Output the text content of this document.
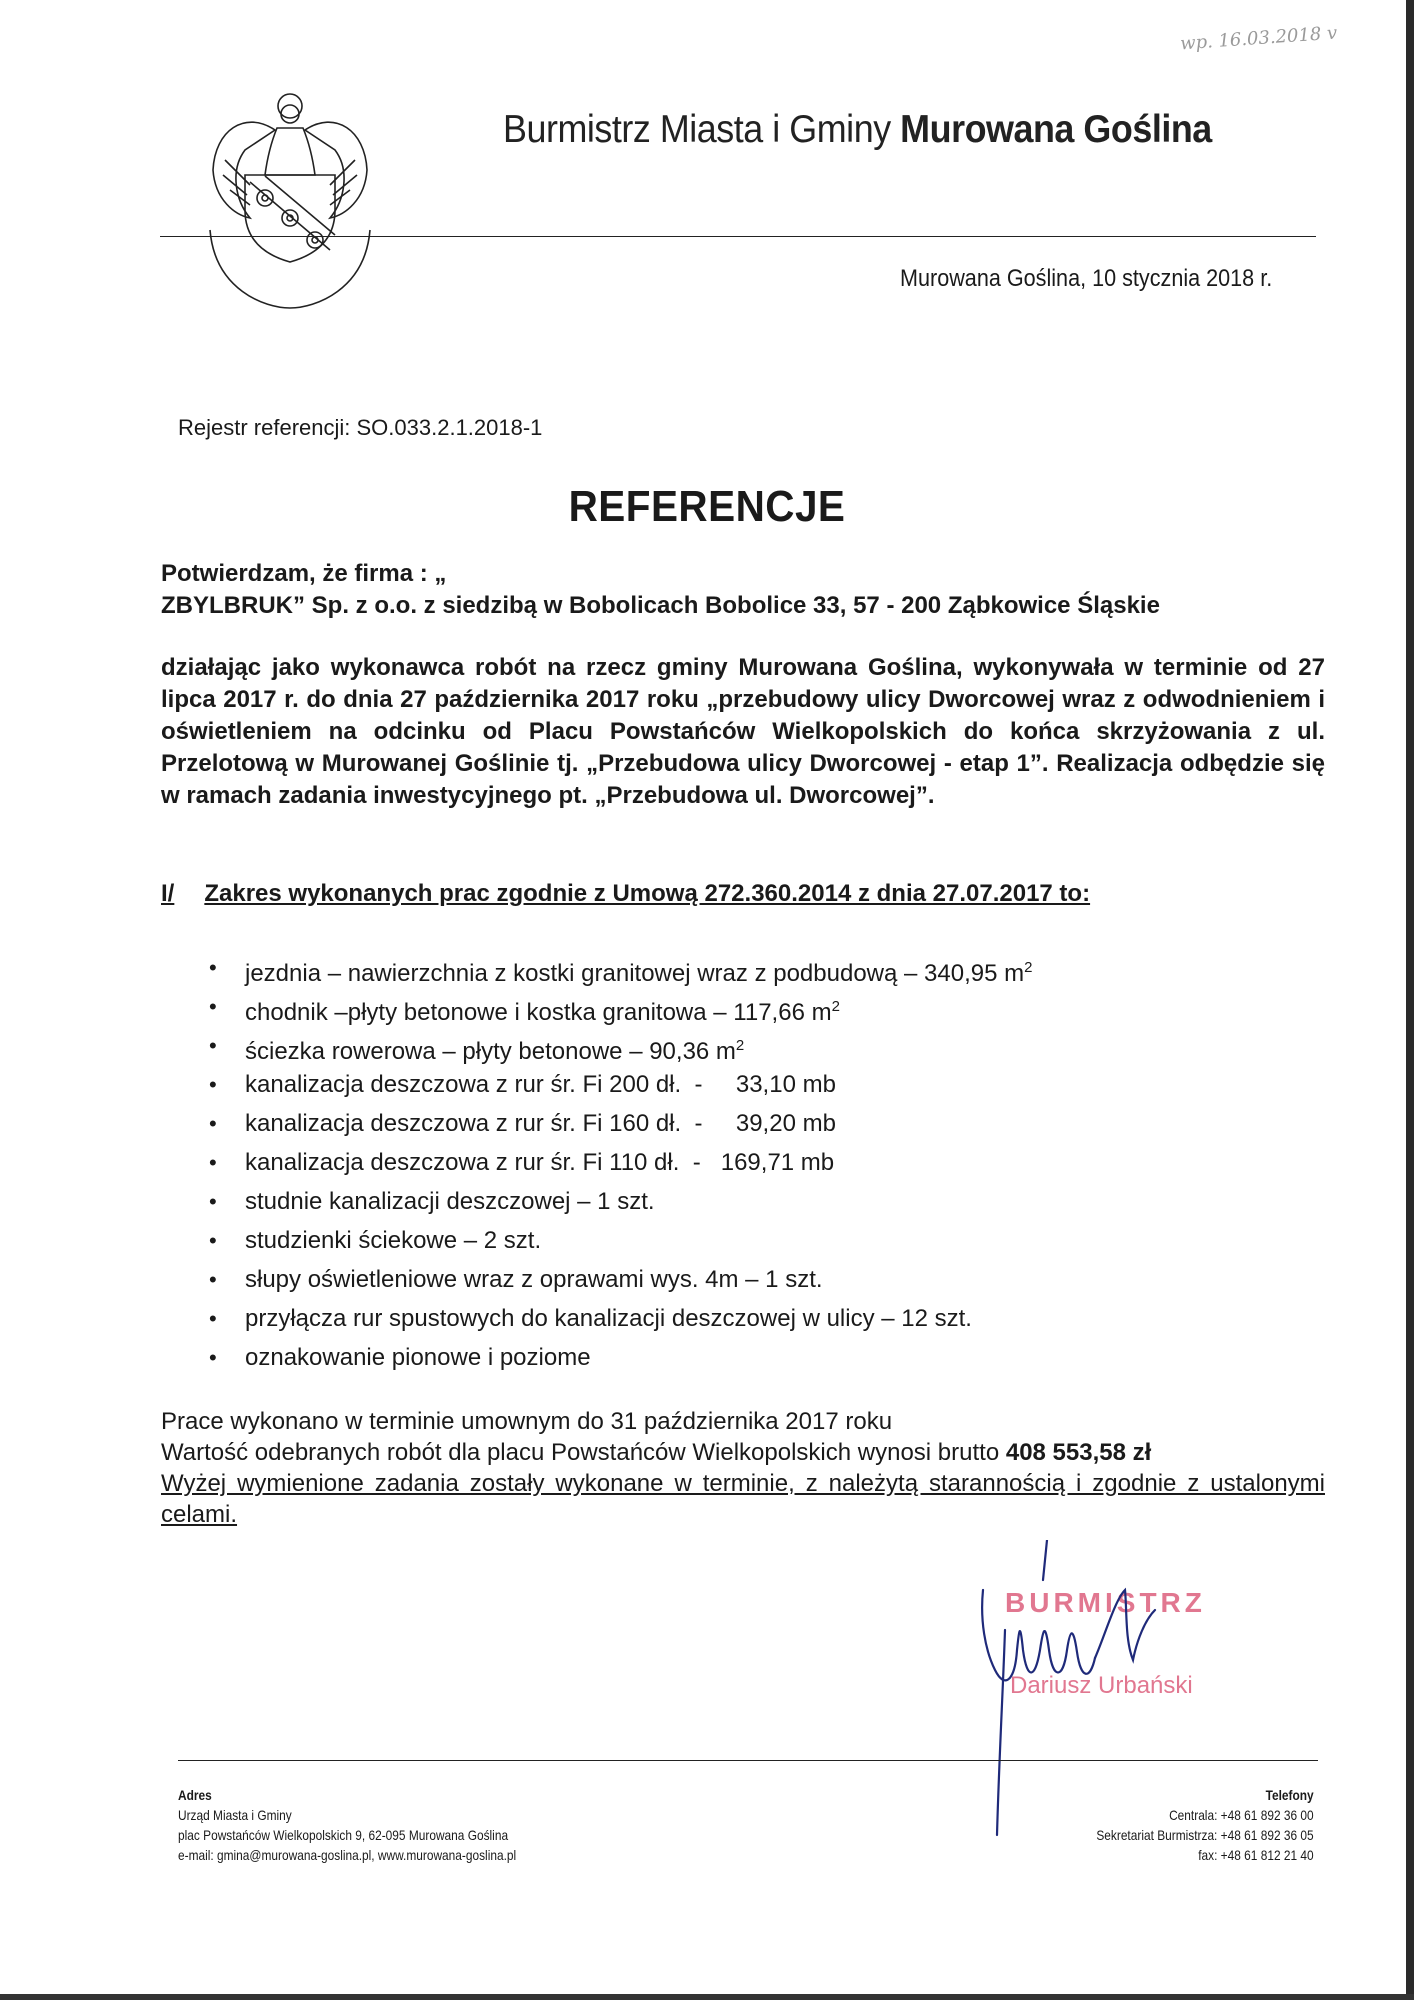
wp. 16.03.2018 v
Burmistrz Miasta i Gminy Murowana Goślina
Murowana Goślina, 10 stycznia 2018 r.
Rejestr referencji: SO.033.2.1.2018-1
REFERENCJE
Potwierdzam, że firma : „
ZBYLBRUK” Sp. z o.o. z siedzibą w Bobolicach Bobolice 33, 57 - 200 Ząbkowice Śląskie
działając jako wykonawca robót na rzecz gminy Murowana Goślina, wykonywała w terminie od 27 lipca 2017 r. do dnia 27 października 2017 roku „przebudowy ulicy Dworcowej wraz z odwodnieniem i oświetleniem na odcinku od Placu Powstańców Wielkopolskich do końca skrzyżowania z ul. Przelotową w Murowanej Goślinie tj. „Przebudowa ulicy Dworcowej - etap 1”. Realizacja odbędzie się w ramach zadania inwestycyjnego pt. „Przebudowa ul. Dworcowej”.
I/ Zakres wykonanych prac zgodnie z Umową 272.360.2014 z dnia 27.07.2017 to:
• jezdnia – nawierzchnia z kostki granitowej wraz z podbudową – 340,95 $m^2$
• chodnik –płyty betonowe i kostka granitowa – 117,66 $m^2$
• ściezka rowerowa – płyty betonowe – 90,36 $m^2$
• kanalizacja deszczowa z rur śr. Fi 200 dł.  -     33,10 mb
• kanalizacja deszczowa z rur śr. Fi 160 dł.  -     39,20 mb
• kanalizacja deszczowa z rur śr. Fi 110 dł.  -   169,71 mb
• studnie kanalizacji deszczowej – 1 szt.
• studzienki ściekowe – 2 szt.
• słupy oświetleniowe wraz z oprawami wys. 4m – 1 szt.
• przyłącza rur spustowych do kanalizacji deszczowej w ulicy – 12 szt.
• oznakowanie pionowe i poziome
Prace wykonano w terminie umownym do 31 października 2017 roku
Wartość odebranych robót dla placu Powstańców Wielkopolskich wynosi brutto 408 553,58 zł
Wyżej wymienione zadania zostały wykonane w terminie, z należytą starannością i zgodnie z ustalonymi celami.
BURMISTRZ
Dariusz Urbański
Adres
Urząd Miasta i Gminy
plac Powstańców Wielkopolskich 9, 62-095 Murowana Goślina
e-mail: gmina@murowana-goslina.pl, www.murowana-goslina.pl
Telefony
Centrala: +48 61 892 36 00
Sekretariat Burmistrza: +48 61 892 36 05
fax: +48 61 812 21 40
